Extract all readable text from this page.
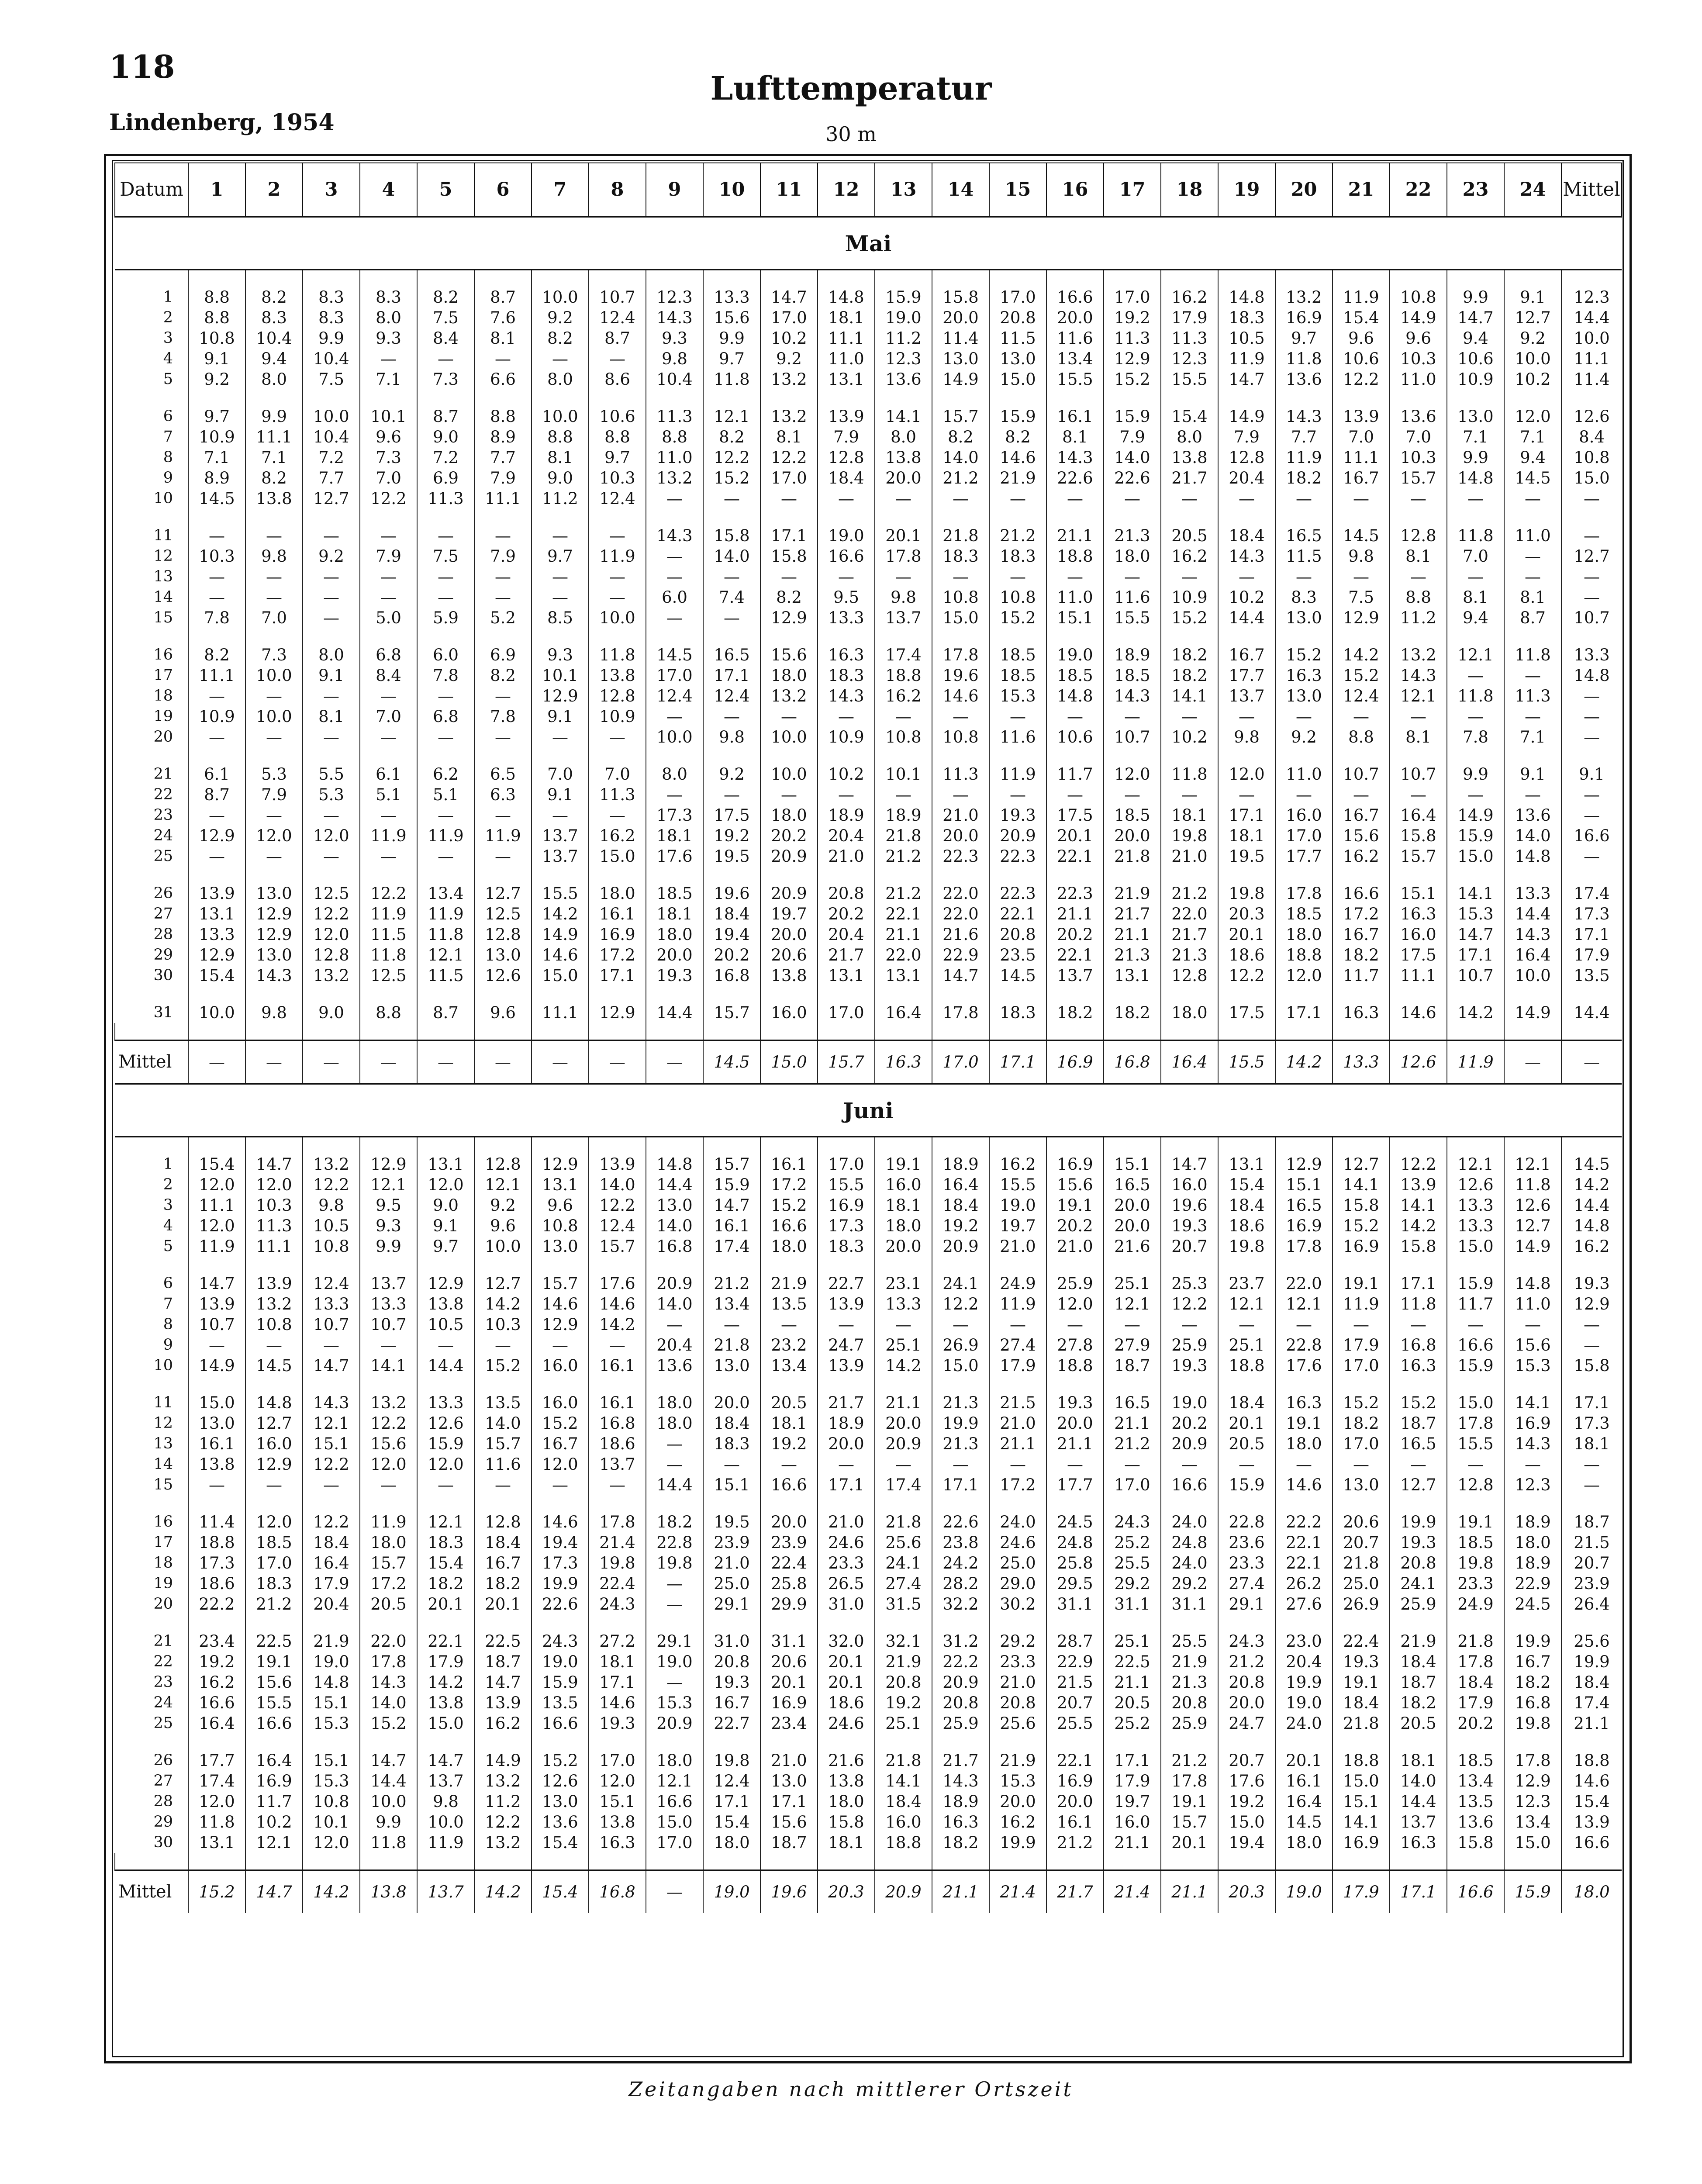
118
Lufttemperatur
Lindenberg, 1954	30 m
Datum	1	2	3	4	5	6	7	8	9	10	11	12	13	14	15	16	17	18	19	20	21	22	23	24	Mittel
Mai																									

1	8.8	8.2	8.3	8.3	8.2	8.7	10.0	10.7	12.3	13.3	14.7	14.8	15.9	15.8	17.0	16.6	17.0	16.2	14.8	13.2	11.9	10.8	9.9	9.1	12.3
2	8.8	8.3	8.3	8.0	7.5	7.6	9.2	12.4	14.3	15.6	17.0	18.1	19.0	20.0	20.8	20.0	19.2	17.9	18.3	16.9	15.4	14.9	14.7	12.7	14.4
3	10.8	10.4	9.9	9.3	8.4	8.1	8.2	8.7	9.3	9.9	10.2	11.1	11.2	11.4	11.5	11.6	11.3	11.3	10.5	9.7	9.6	9.6	9.4	9.2	10.0
4	9.1	9.4	10.4	—	—	—	—	—	9.8	9.7	9.2	11.0	12.3	13.0	13.0	13.4	12.9	12.3	11.9	11.8	10.6	10.3	10.6	10.0	11.1
5	9.2	8.0	7.5	7.1	7.3	6.6	8.0	8.6	10.4	11.8	13.2	13.1	13.6	14.9	15.0	15.5	15.2	15.5	14.7	13.6	12.2	11.0	10.9	10.2	11.4

6	9.7	9.9	10.0	10.1	8.7	8.8	10.0	10.6	11.3	12.1	13.2	13.9	14.1	15.7	15.9	16.1	15.9	15.4	14.9	14.3	13.9	13.6	13.0	12.0	12.6
7	10.9	11.1	10.4	9.6	9.0	8.9	8.8	8.8	8.8	8.2	8.1	7.9	8.0	8.2	8.2	8.1	7.9	8.0	7.9	7.7	7.0	7.0	7.1	7.1	8.4
8	7.1	7.1	7.2	7.3	7.2	7.7	8.1	9.7	11.0	12.2	12.2	12.8	13.8	14.0	14.6	14.3	14.0	13.8	12.8	11.9	11.1	10.3	9.9	9.4	10.8
9	8.9	8.2	7.7	7.0	6.9	7.9	9.0	10.3	13.2	15.2	17.0	18.4	20.0	21.2	21.9	22.6	22.6	21.7	20.4	18.2	16.7	15.7	14.8	14.5	15.0
10	14.5	13.8	12.7	12.2	11.3	11.1	11.2	12.4	—	—	—	—	—	—	—	—	—	—	—	—	—	—	—	—	—

11	—	—	—	—	—	—	—	—	14.3	15.8	17.1	19.0	20.1	21.8	21.2	21.1	21.3	20.5	18.4	16.5	14.5	12.8	11.8	11.0	—
12	10.3	9.8	9.2	7.9	7.5	7.9	9.7	11.9	—	14.0	15.8	16.6	17.8	18.3	18.3	18.8	18.0	16.2	14.3	11.5	9.8	8.1	7.0	—	12.7
13	—	—	—	—	—	—	—	—	—	—	—	—	—	—	—	—	—	—	—	—	—	—	—	—	—
14	—	—	—	—	—	—	—	—	6.0	7.4	8.2	9.5	9.8	10.8	10.8	11.0	11.6	10.9	10.2	8.3	7.5	8.8	8.1	8.1	—
15	7.8	7.0	—	5.0	5.9	5.2	8.5	10.0	—	—	12.9	13.3	13.7	15.0	15.2	15.1	15.5	15.2	14.4	13.0	12.9	11.2	9.4	8.7	10.7

16	8.2	7.3	8.0	6.8	6.0	6.9	9.3	11.8	14.5	16.5	15.6	16.3	17.4	17.8	18.5	19.0	18.9	18.2	16.7	15.2	14.2	13.2	12.1	11.8	13.3
17	11.1	10.0	9.1	8.4	7.8	8.2	10.1	13.8	17.0	17.1	18.0	18.3	18.8	19.6	18.5	18.5	18.5	18.2	17.7	16.3	15.2	14.3	—	—	14.8
18	—	—	—	—	—	—	12.9	12.8	12.4	12.4	13.2	14.3	16.2	14.6	15.3	14.8	14.3	14.1	13.7	13.0	12.4	12.1	11.8	11.3	—
19	10.9	10.0	8.1	7.0	6.8	7.8	9.1	10.9	—	—	—	—	—	—	—	—	—	—	—	—	—	—	—	—	—
20	—	—	—	—	—	—	—	—	10.0	9.8	10.0	10.9	10.8	10.8	11.6	10.6	10.7	10.2	9.8	9.2	8.8	8.1	7.8	7.1	—

21	6.1	5.3	5.5	6.1	6.2	6.5	7.0	7.0	8.0	9.2	10.0	10.2	10.1	11.3	11.9	11.7	12.0	11.8	12.0	11.0	10.7	10.7	9.9	9.1	9.1
22	8.7	7.9	5.3	5.1	5.1	6.3	9.1	11.3	—	—	—	—	—	—	—	—	—	—	—	—	—	—	—	—	—
23	—	—	—	—	—	—	—	—	17.3	17.5	18.0	18.9	18.9	21.0	19.3	17.5	18.5	18.1	17.1	16.0	16.7	16.4	14.9	13.6	—
24	12.9	12.0	12.0	11.9	11.9	11.9	13.7	16.2	18.1	19.2	20.2	20.4	21.8	20.0	20.9	20.1	20.0	19.8	18.1	17.0	15.6	15.8	15.9	14.0	16.6
25	—	—	—	—	—	—	13.7	15.0	17.6	19.5	20.9	21.0	21.2	22.3	22.3	22.1	21.8	21.0	19.5	17.7	16.2	15.7	15.0	14.8	—

26	13.9	13.0	12.5	12.2	13.4	12.7	15.5	18.0	18.5	19.6	20.9	20.8	21.2	22.0	22.3	22.3	21.9	21.2	19.8	17.8	16.6	15.1	14.1	13.3	17.4
27	13.1	12.9	12.2	11.9	11.9	12.5	14.2	16.1	18.1	18.4	19.7	20.2	22.1	22.0	22.1	21.1	21.7	22.0	20.3	18.5	17.2	16.3	15.3	14.4	17.3
28	13.3	12.9	12.0	11.5	11.8	12.8	14.9	16.9	18.0	19.4	20.0	20.4	21.1	21.6	20.8	20.2	21.1	21.7	20.1	18.0	16.7	16.0	14.7	14.3	17.1
29	12.9	13.0	12.8	11.8	12.1	13.0	14.6	17.2	20.0	20.2	20.6	21.7	22.0	22.9	23.5	22.1	21.3	21.3	18.6	18.8	18.2	17.5	17.1	16.4	17.9
30	15.4	14.3	13.2	12.5	11.5	12.6	15.0	17.1	19.3	16.8	13.8	13.1	13.1	14.7	14.5	13.7	13.1	12.8	12.2	12.0	11.7	11.1	10.7	10.0	13.5

31	10.0	9.8	9.0	8.8	8.7	9.6	11.1	12.9	14.4	15.7	16.0	17.0	16.4	17.8	18.3	18.2	18.2	18.0	17.5	17.1	16.3	14.6	14.2	14.9	14.4

Mittel	—	—	—	—	—	—	—	—	—	14.5	15.0	15.7	16.3	17.0	17.1	16.9	16.8	16.4	15.5	14.2	13.3	12.6	11.9	—	—
Juni																									

1	15.4	14.7	13.2	12.9	13.1	12.8	12.9	13.9	14.8	15.7	16.1	17.0	19.1	18.9	16.2	16.9	15.1	14.7	13.1	12.9	12.7	12.2	12.1	12.1	14.5
2	12.0	12.0	12.2	12.1	12.0	12.1	13.1	14.0	14.4	15.9	17.2	15.5	16.0	16.4	15.5	15.6	16.5	16.0	15.4	15.1	14.1	13.9	12.6	11.8	14.2
3	11.1	10.3	9.8	9.5	9.0	9.2	9.6	12.2	13.0	14.7	15.2	16.9	18.1	18.4	19.0	19.1	20.0	19.6	18.4	16.5	15.8	14.1	13.3	12.6	14.4
4	12.0	11.3	10.5	9.3	9.1	9.6	10.8	12.4	14.0	16.1	16.6	17.3	18.0	19.2	19.7	20.2	20.0	19.3	18.6	16.9	15.2	14.2	13.3	12.7	14.8
5	11.9	11.1	10.8	9.9	9.7	10.0	13.0	15.7	16.8	17.4	18.0	18.3	20.0	20.9	21.0	21.0	21.6	20.7	19.8	17.8	16.9	15.8	15.0	14.9	16.2

6	14.7	13.9	12.4	13.7	12.9	12.7	15.7	17.6	20.9	21.2	21.9	22.7	23.1	24.1	24.9	25.9	25.1	25.3	23.7	22.0	19.1	17.1	15.9	14.8	19.3
7	13.9	13.2	13.3	13.3	13.8	14.2	14.6	14.6	14.0	13.4	13.5	13.9	13.3	12.2	11.9	12.0	12.1	12.2	12.1	12.1	11.9	11.8	11.7	11.0	12.9
8	10.7	10.8	10.7	10.7	10.5	10.3	12.9	14.2	—	—	—	—	—	—	—	—	—	—	—	—	—	—	—	—	—
9	—	—	—	—	—	—	—	—	20.4	21.8	23.2	24.7	25.1	26.9	27.4	27.8	27.9	25.9	25.1	22.8	17.9	16.8	16.6	15.6	—
10	14.9	14.5	14.7	14.1	14.4	15.2	16.0	16.1	13.6	13.0	13.4	13.9	14.2	15.0	17.9	18.8	18.7	19.3	18.8	17.6	17.0	16.3	15.9	15.3	15.8

11	15.0	14.8	14.3	13.2	13.3	13.5	16.0	16.1	18.0	20.0	20.5	21.7	21.1	21.3	21.5	19.3	16.5	19.0	18.4	16.3	15.2	15.2	15.0	14.1	17.1
12	13.0	12.7	12.1	12.2	12.6	14.0	15.2	16.8	18.0	18.4	18.1	18.9	20.0	19.9	21.0	20.0	21.1	20.2	20.1	19.1	18.2	18.7	17.8	16.9	17.3
13	16.1	16.0	15.1	15.6	15.9	15.7	16.7	18.6	—	18.3	19.2	20.0	20.9	21.3	21.1	21.1	21.2	20.9	20.5	18.0	17.0	16.5	15.5	14.3	18.1
14	13.8	12.9	12.2	12.0	12.0	11.6	12.0	13.7	—	—	—	—	—	—	—	—	—	—	—	—	—	—	—	—	—
15	—	—	—	—	—	—	—	—	14.4	15.1	16.6	17.1	17.4	17.1	17.2	17.7	17.0	16.6	15.9	14.6	13.0	12.7	12.8	12.3	—

16	11.4	12.0	12.2	11.9	12.1	12.8	14.6	17.8	18.2	19.5	20.0	21.0	21.8	22.6	24.0	24.5	24.3	24.0	22.8	22.2	20.6	19.9	19.1	18.9	18.7
17	18.8	18.5	18.4	18.0	18.3	18.4	19.4	21.4	22.8	23.9	23.9	24.6	25.6	23.8	24.6	24.8	25.2	24.8	23.6	22.1	20.7	19.3	18.5	18.0	21.5
18	17.3	17.0	16.4	15.7	15.4	16.7	17.3	19.8	19.8	21.0	22.4	23.3	24.1	24.2	25.0	25.8	25.5	24.0	23.3	22.1	21.8	20.8	19.8	18.9	20.7
19	18.6	18.3	17.9	17.2	18.2	18.2	19.9	22.4	—	25.0	25.8	26.5	27.4	28.2	29.0	29.5	29.2	29.2	27.4	26.2	25.0	24.1	23.3	22.9	23.9
20	22.2	21.2	20.4	20.5	20.1	20.1	22.6	24.3	—	29.1	29.9	31.0	31.5	32.2	30.2	31.1	31.1	31.1	29.1	27.6	26.9	25.9	24.9	24.5	26.4

21	23.4	22.5	21.9	22.0	22.1	22.5	24.3	27.2	29.1	31.0	31.1	32.0	32.1	31.2	29.2	28.7	25.1	25.5	24.3	23.0	22.4	21.9	21.8	19.9	25.6
22	19.2	19.1	19.0	17.8	17.9	18.7	19.0	18.1	19.0	20.8	20.6	20.1	21.9	22.2	23.3	22.9	22.5	21.9	21.2	20.4	19.3	18.4	17.8	16.7	19.9
23	16.2	15.6	14.8	14.3	14.2	14.7	15.9	17.1	—	19.3	20.1	20.1	20.8	20.9	21.0	21.5	21.1	21.3	20.8	19.9	19.1	18.7	18.4	18.2	18.4
24	16.6	15.5	15.1	14.0	13.8	13.9	13.5	14.6	15.3	16.7	16.9	18.6	19.2	20.8	20.8	20.7	20.5	20.8	20.0	19.0	18.4	18.2	17.9	16.8	17.4
25	16.4	16.6	15.3	15.2	15.0	16.2	16.6	19.3	20.9	22.7	23.4	24.6	25.1	25.9	25.6	25.5	25.2	25.9	24.7	24.0	21.8	20.5	20.2	19.8	21.1

26	17.7	16.4	15.1	14.7	14.7	14.9	15.2	17.0	18.0	19.8	21.0	21.6	21.8	21.7	21.9	22.1	17.1	21.2	20.7	20.1	18.8	18.1	18.5	17.8	18.8
27	17.4	16.9	15.3	14.4	13.7	13.2	12.6	12.0	12.1	12.4	13.0	13.8	14.1	14.3	15.3	16.9	17.9	17.8	17.6	16.1	15.0	14.0	13.4	12.9	14.6
28	12.0	11.7	10.8	10.0	9.8	11.2	13.0	15.1	16.6	17.1	17.1	18.0	18.4	18.9	20.0	20.0	19.7	19.1	19.2	16.4	15.1	14.4	13.5	12.3	15.4
29	11.8	10.2	10.1	9.9	10.0	12.2	13.6	13.8	15.0	15.4	15.6	15.8	16.0	16.3	16.2	16.1	16.0	15.7	15.0	14.5	14.1	13.7	13.6	13.4	13.9
30	13.1	12.1	12.0	11.8	11.9	13.2	15.4	16.3	17.0	18.0	18.7	18.1	18.8	18.2	19.9	21.2	21.1	20.1	19.4	18.0	16.9	16.3	15.8	15.0	16.6

Mittel	15.2	14.7	14.2	13.8	13.7	14.2	15.4	16.8	—	19.0	19.6	20.3	20.9	21.1	21.4	21.7	21.4	21.1	20.3	19.0	17.9	17.1	16.6	15.9	18.0

Zeitangaben nach mittlerer Ortszeit
